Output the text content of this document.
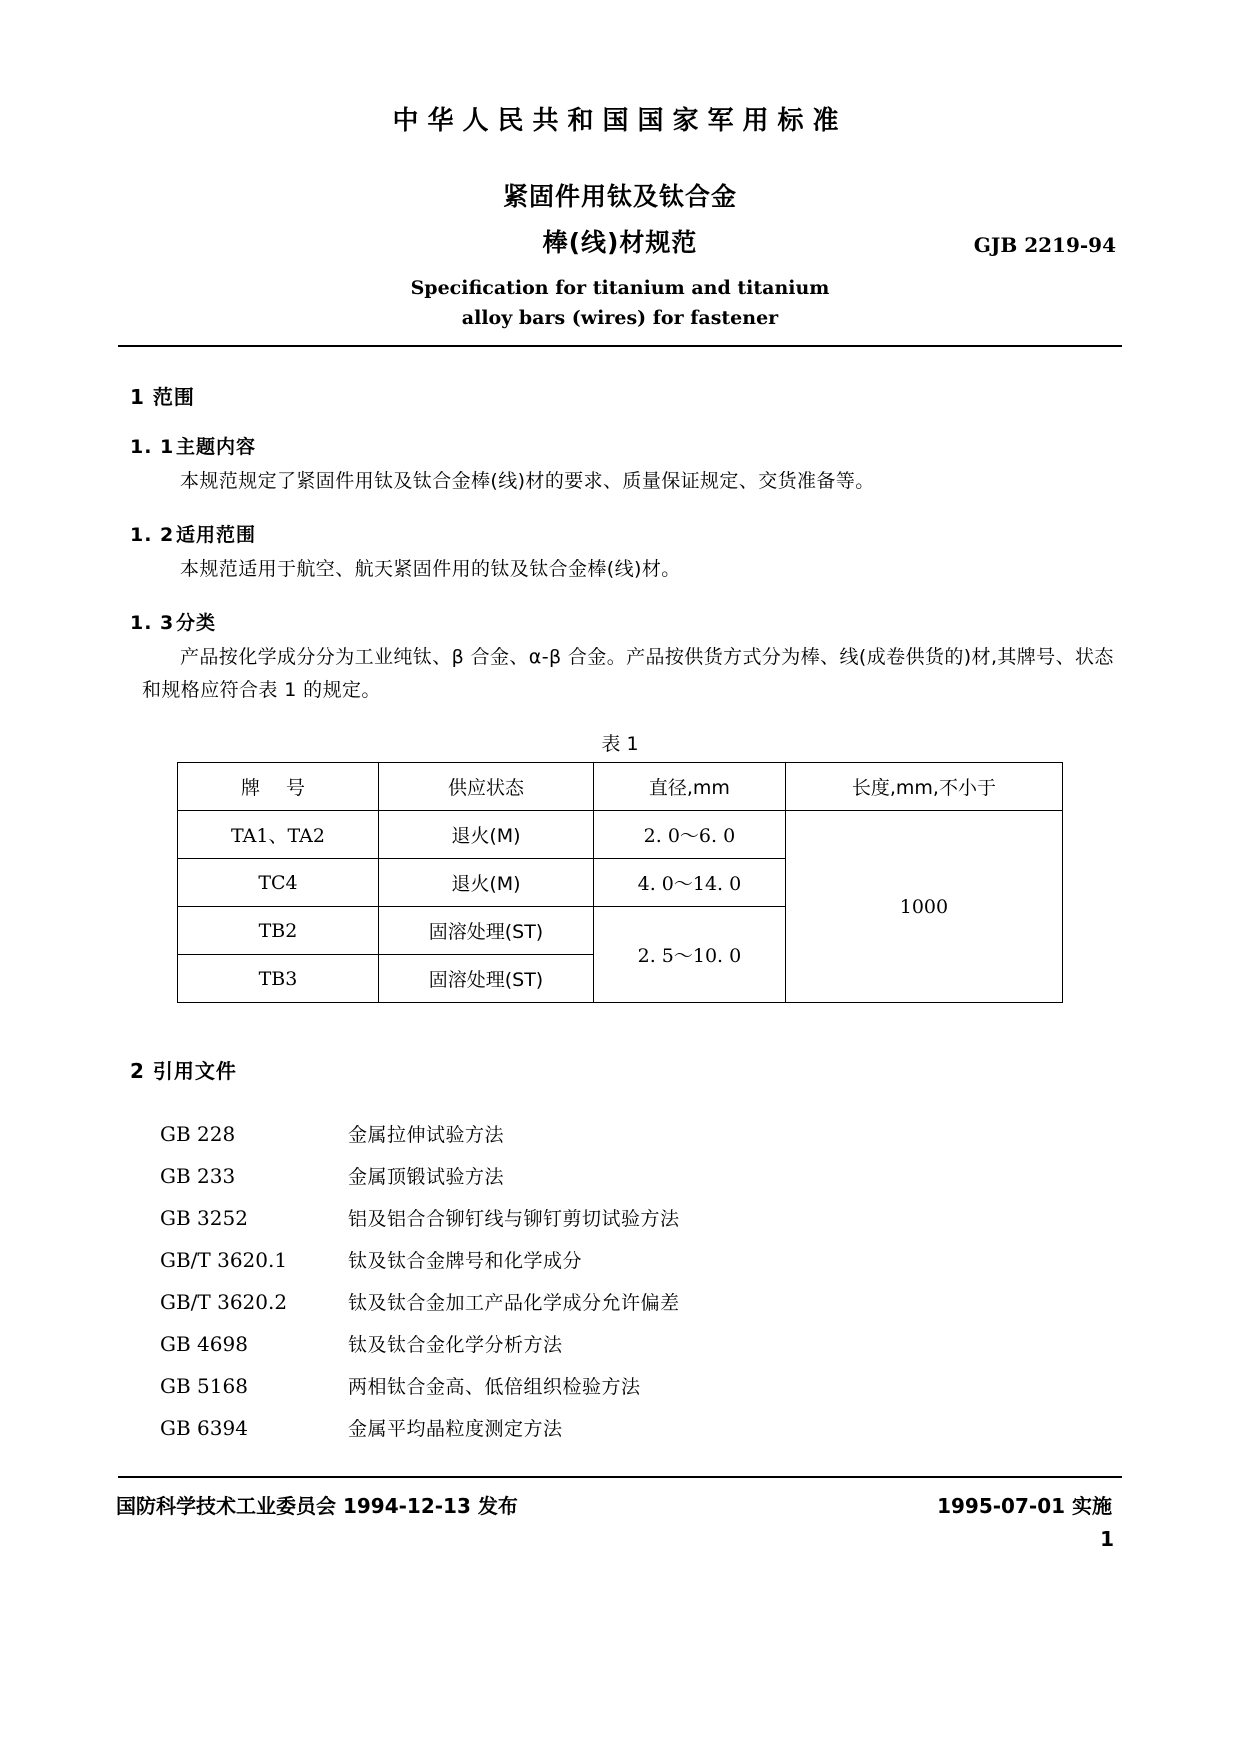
中华人民共和国国家军用标准
紧固件用钛及钛合金
棒(线)材规范	GJB 2219-94
Specification for titanium and titanium
alloy bars (wires) for fastener
1 范围
1. 1主题内容

本规范规定了紧固件用钛及钛合金棒(线)材的要求、质量保证规定、交货准备等。

1. 2适用范围

本规范适用于航空、航天紧固件用的钛及钛合金棒(线)材。

1. 3分类

产品按化学成分分为工业纯钛、β 合金、α-β 合金。产品按供货方式分为棒、线(成卷供货的)材,其牌号、状态和规格应符合表 1 的规定。

表 1
牌 号	供应状态	直径,mm	长度,mm,不小于
TA1、TA2	退火(M)	2. 0～6. 0	1000
TC4	退火(M)	4. 0～14. 0	
TB2	固溶处理(ST)	2. 5～10. 0	
TB3	固溶处理(ST)		
2 引用文件
GB 228	金属拉伸试验方法
GB 233	金属顶锻试验方法
GB 3252	铝及铝合合铆钉线与铆钉剪切试验方法
GB/T 3620.1	钛及钛合金牌号和化学成分
GB/T 3620.2	钛及钛合金加工产品化学成分允许偏差
GB 4698	钛及钛合金化学分析方法
GB 5168	两相钛合金高、低倍组织检验方法
GB 6394	金属平均晶粒度测定方法
国防科学技术工业委员会 1994-12-13 发布	1995-07-01 实施
1
